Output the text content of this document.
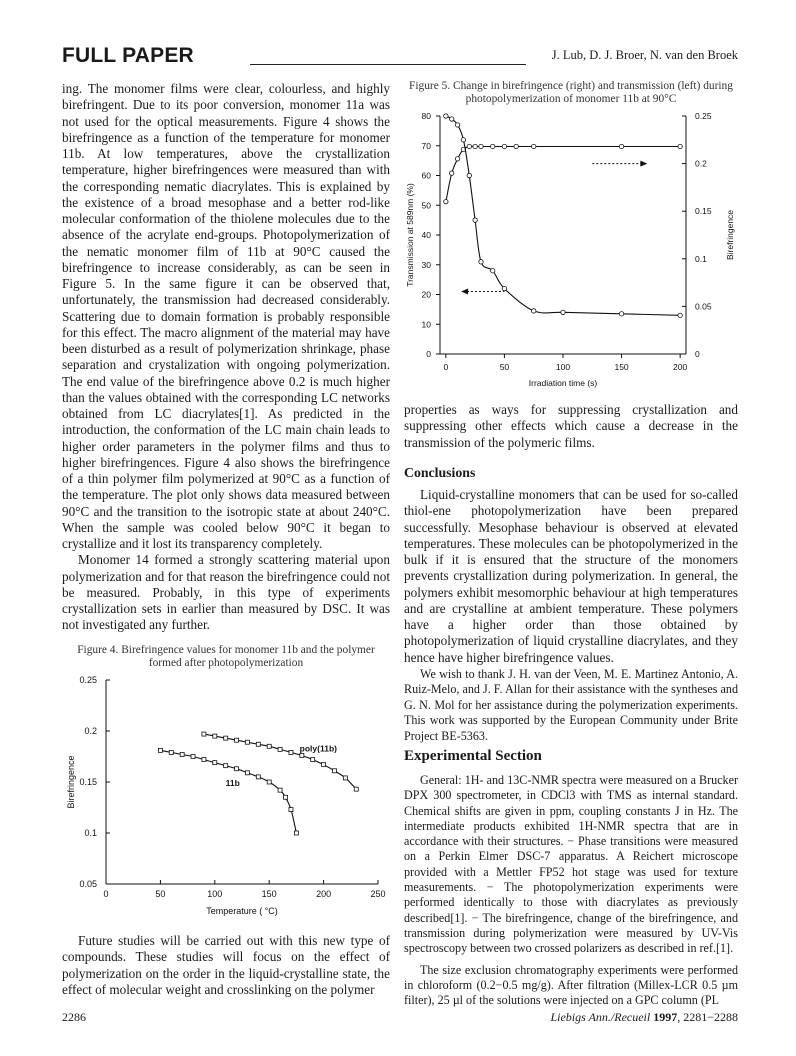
FULL PAPER	J. Lub, D. J. Broer, N. van den Broek

ing. The monomer films were clear, colourless, and highly birefringent. Due to its poor conversion, monomer 11a was not used for the optical measurements. Figure 4 shows the birefringence as a function of the temperature for monomer 11b. At low temperatures, above the crystallization temperature, higher birefringences were measured than with the corresponding nematic diacrylates. This is explained by the existence of a broad mesophase and a better rod-like molecular conformation of the thiolene molecules due to the absence of the acrylate end-groups. Photopolymerization of the nematic monomer film of 11b at 90°C caused the birefringence to increase considerably, as can be seen in Figure 5. In the same figure it can be observed that, unfortunately, the transmission had decreased considerably. Scattering due to domain formation is probably responsible for this effect. The macro alignment of the material may have been disturbed as a result of polymerization shrinkage, phase separation and crystalization with ongoing polymerization. The end value of the birefringence above 0.2 is much higher than the values obtained with the corresponding LC networks obtained from LC diacrylates[1]. As predicted in the introduction, the conformation of the LC main chain leads to higher order parameters in the polymer films and thus to higher birefringences. Figure 4 also shows the birefringence of a thin polymer film polymerized at 90°C as a function of the temperature. The plot only shows data measured between 90°C and the transition to the isotropic state at about 240°C. When the sample was cooled below 90°C it began to crystallize and it lost its transparency completely.

Monomer 14 formed a strongly scattering material upon polymerization and for that reason the birefringence could not be measured. Probably, in this type of experiments crystallization sets in earlier than measured by DSC. It was not investigated any further.

Figure 4. Birefringence values for monomer 11b and the polymer formed after photopolymerization
0.05
0.1
0.15
0.2
0.25
0	50	100	150	200	250
Temperature ( °C)
Birefringence
poly(11b)
11b

Future studies will be carried out with this new type of compounds. These studies will focus on the effect of polymerization on the order in the liquid-crystalline state, the effect of molecular weight and crosslinking on the polymer

Figure 5. Change in birefringence (right) and transmission (left) during photopolymerization of monomer 11b at 90°C
0
10
20
30
40
50
60
70
80
0
0.05
0.1
0.15
0.2
0.25
0	50	100	150	200
Irradiation time (s)
Transmission at 589nm (%)	Birefringence

properties as ways for suppressing crystallization and suppressing other effects which cause a decrease in the transmission of the polymeric films.

Conclusions

Liquid-crystalline monomers that can be used for so-called thiol-ene photopolymerization have been prepared successfully. Mesophase behaviour is observed at elevated temperatures. These molecules can be photopolymerized in the bulk if it is ensured that the structure of the monomers prevents crystallization during polymerization. In general, the polymers exhibit mesomorphic behaviour at high temperatures and are crystalline at ambient temperature. These polymers have a higher order than those obtained by photopolymerization of liquid crystalline diacrylates, and they hence have higher birefringence values.

We wish to thank J. H. van der Veen, M. E. Martinez Antonio, A. Ruiz-Melo, and J. F. Allan for their assistance with the syntheses and G. N. Mol for her assistance during the polymerization experiments. This work was supported by the European Community under Brite Project BE-5363.

Experimental Section

General: 1H- and 13C-NMR spectra were measured on a Brucker DPX 300 spectrometer, in CDCl3 with TMS as internal standard. Chemical shifts are given in ppm, coupling constants J in Hz. The intermediate products exhibited 1H-NMR spectra that are in accordance with their structures. − Phase transitions were measured on a Perkin Elmer DSC-7 apparatus. A Reichert microscope provided with a Mettler FP52 hot stage was used for texture measurements. − The photopolymerization experiments were performed identically to those with diacrylates as previously described[1]. − The birefringence, change of the birefringence, and transmission during polymerization were measured by UV-Vis spectroscopy between two crossed polarizers as described in ref.[1].

The size exclusion chromatography experiments were performed in chloroform (0.2−0.5 mg/g). After filtration (Millex-LCR 0.5 µm filter), 25 µl of the solutions were injected on a GPC column (PL

2286	Liebigs Ann./Recueil 1997, 2281−2288
